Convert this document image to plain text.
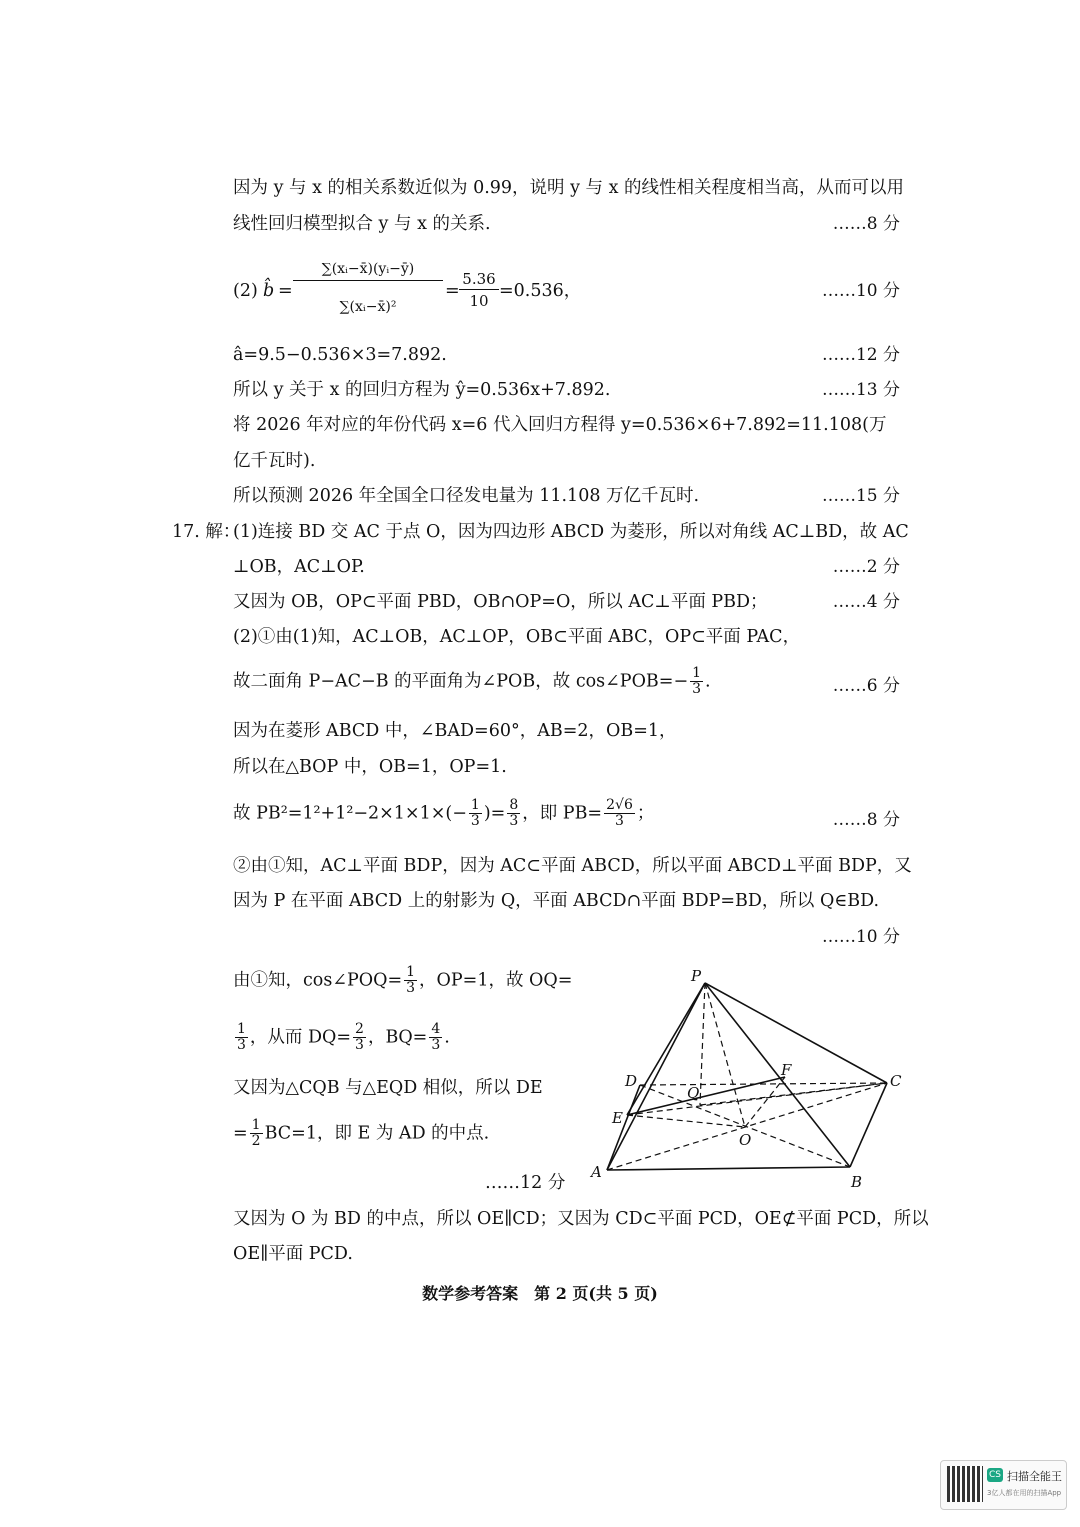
因为 y 与 x 的相关系数近似为 0.99，说明 y 与 x 的线性相关程度相当高，从而可以用
线性回归模型拟合 y 与 x 的关系.	……8 分
(2) b̂ =
∑(xᵢ−x̄)(yᵢ−ȳ)
∑(xᵢ−x̄)²
=
5.36
10 =0.536，	……10 分
â=9.5−0.536×3=7.892.	……12 分
所以 y 关于 x 的回归方程为 ŷ=0.536x+7.892.	……13 分
将 2026 年对应的年份代码 x=6 代入回归方程得 y=0.536×6+7.892=11.108(万
亿千瓦时).
所以预测 2026 年全国全口径发电量为 11.108 万亿千瓦时.	……15 分
17. 解：
(1)连接 BD 交 AC 于点 O，因为四边形 ABCD 为菱形，所以对角线 AC⊥BD，故 AC
⊥OB，AC⊥OP.	……2 分
又因为 OB，OP⊂平面 PBD，OB∩OP=O，所以 AC⊥平面 PBD；	……4 分
(2)①由(1)知，AC⊥OB，AC⊥OP，OB⊂平面 ABC，OP⊂平面 PAC，
故二面角 P−AC−B 的平面角为∠POB，故 cos∠POB=− $\frac{1}{3}$ .	……6 分
因为在菱形 ABCD 中，∠BAD=60°，AB=2，OB=1，
所以在△BOP 中，OB=1，OP=1.
故 $PB^2=1^2+1^2-2\times 1\times 1\times(- \frac{1}{3}$ )= $\frac{8}{3}$ ，即 $PB= \frac{2√6}{3}$ ；	……8 分
②由①知，AC⊥平面 BDP，因为 AC⊂平面 ABCD，所以平面 ABCD⊥平面 BDP，又
因为 P 在平面 ABCD 上的射影为 Q，平面 ABCD∩平面 BDP=BD，所以 Q∈BD.
……10 分
由①知，cos∠POQ= $\frac{1}{3}$ ，OP=1，故 OQ=
$\frac{1}{3}$ ，从而 $DQ= \frac{2}{3}$ ，$BQ= \frac{4}{3}$ .
又因为△CQB 与△EQD 相似，所以 DE
= $\frac{1}{2} BC=1$，即 E 为 AD 的中点.
……12 分
P
D
Q
F
C
E
O
A
B
又因为 O 为 BD 的中点，所以 OE∥CD；又因为 CD⊂平面 PCD，OE⊄平面 PCD，所以
OE∥平面 PCD.
数学参考答案　第 2 页(共 5 页)
CS 扫描全能王
3亿人都在用的扫描App
